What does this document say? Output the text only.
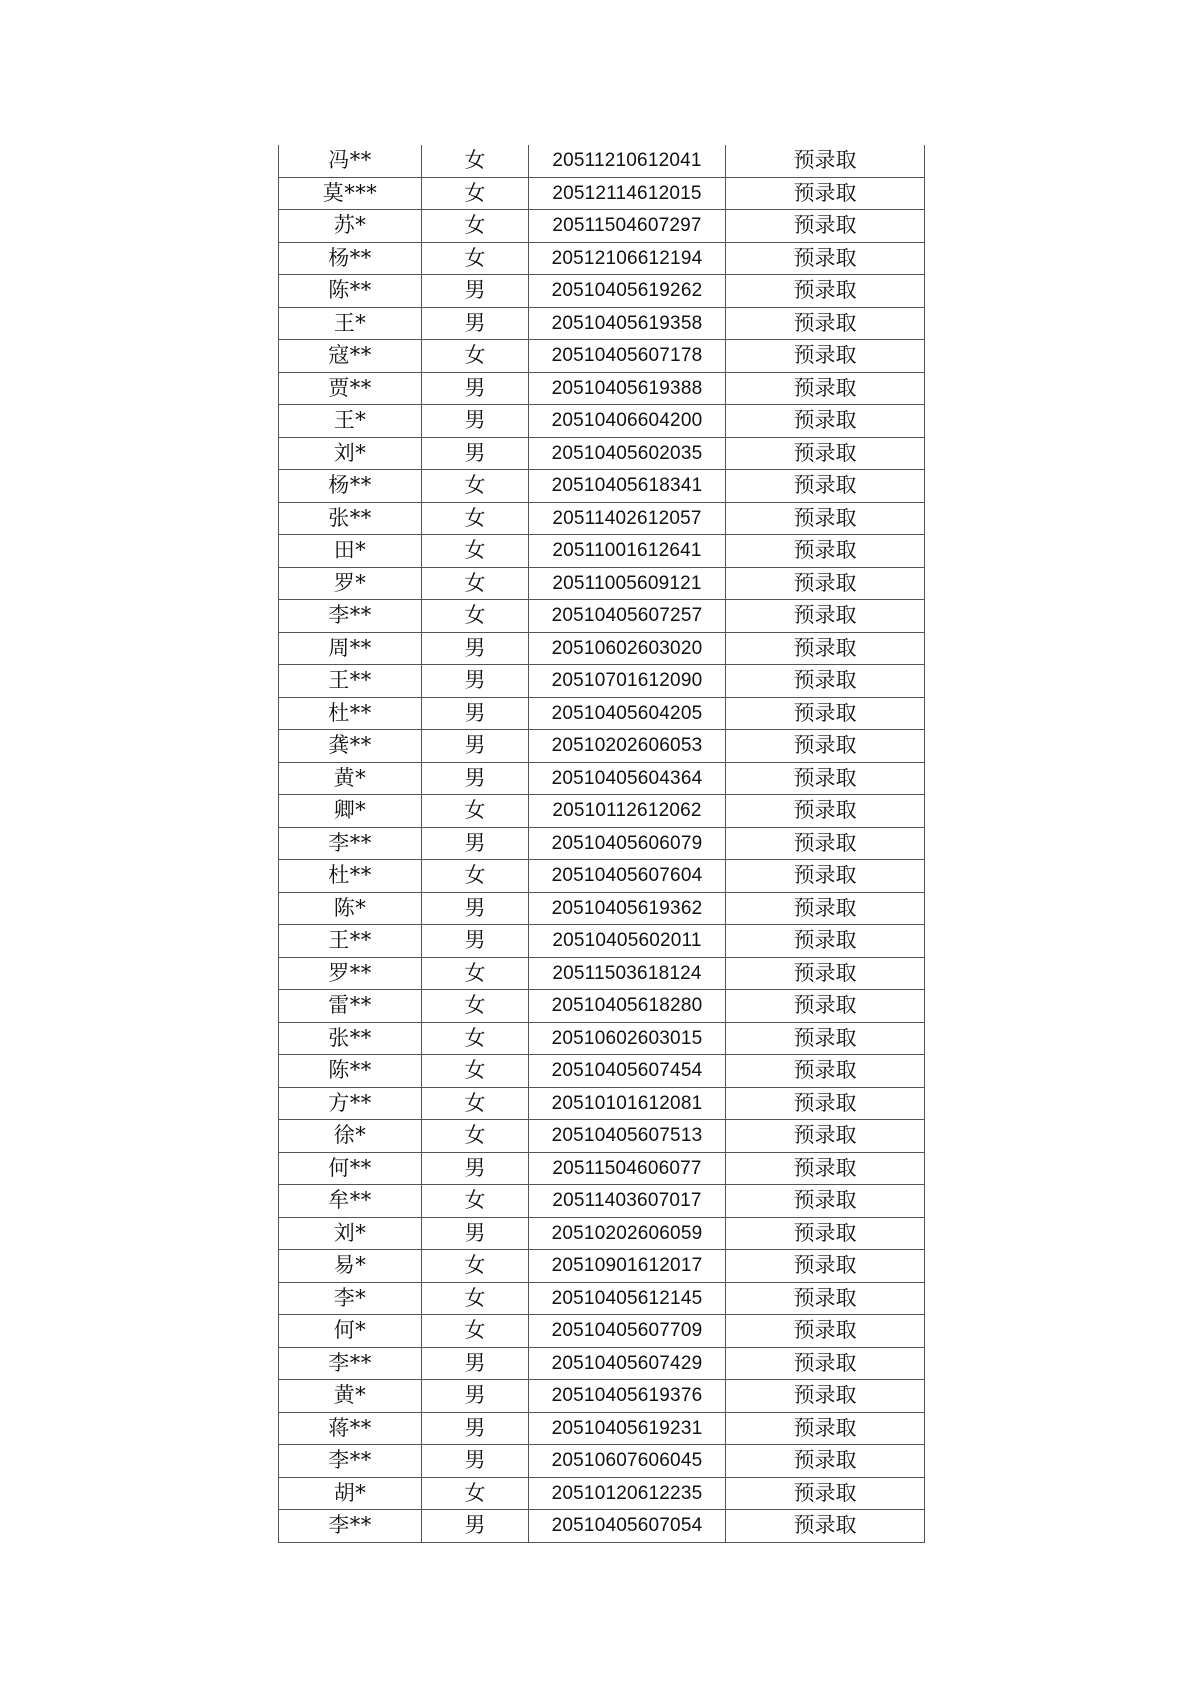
冯**	女	20511210612041	预录取
莫***	女	20512114612015	预录取
苏*	女	20511504607297	预录取
杨**	女	20512106612194	预录取
陈**	男	20510405619262	预录取
王*	男	20510405619358	预录取
寇**	女	20510405607178	预录取
贾**	男	20510405619388	预录取
王*	男	20510406604200	预录取
刘*	男	20510405602035	预录取
杨**	女	20510405618341	预录取
张**	女	20511402612057	预录取
田*	女	20511001612641	预录取
罗*	女	20511005609121	预录取
李**	女	20510405607257	预录取
周**	男	20510602603020	预录取
王**	男	20510701612090	预录取
杜**	男	20510405604205	预录取
龚**	男	20510202606053	预录取
黄*	男	20510405604364	预录取
卿*	女	20510112612062	预录取
李**	男	20510405606079	预录取
杜**	女	20510405607604	预录取
陈*	男	20510405619362	预录取
王**	男	20510405602011	预录取
罗**	女	20511503618124	预录取
雷**	女	20510405618280	预录取
张**	女	20510602603015	预录取
陈**	女	20510405607454	预录取
方**	女	20510101612081	预录取
徐*	女	20510405607513	预录取
何**	男	20511504606077	预录取
牟**	女	20511403607017	预录取
刘*	男	20510202606059	预录取
易*	女	20510901612017	预录取
李*	女	20510405612145	预录取
何*	女	20510405607709	预录取
李**	男	20510405607429	预录取
黄*	男	20510405619376	预录取
蒋**	男	20510405619231	预录取
李**	男	20510607606045	预录取
胡*	女	20510120612235	预录取
李**	男	20510405607054	预录取
